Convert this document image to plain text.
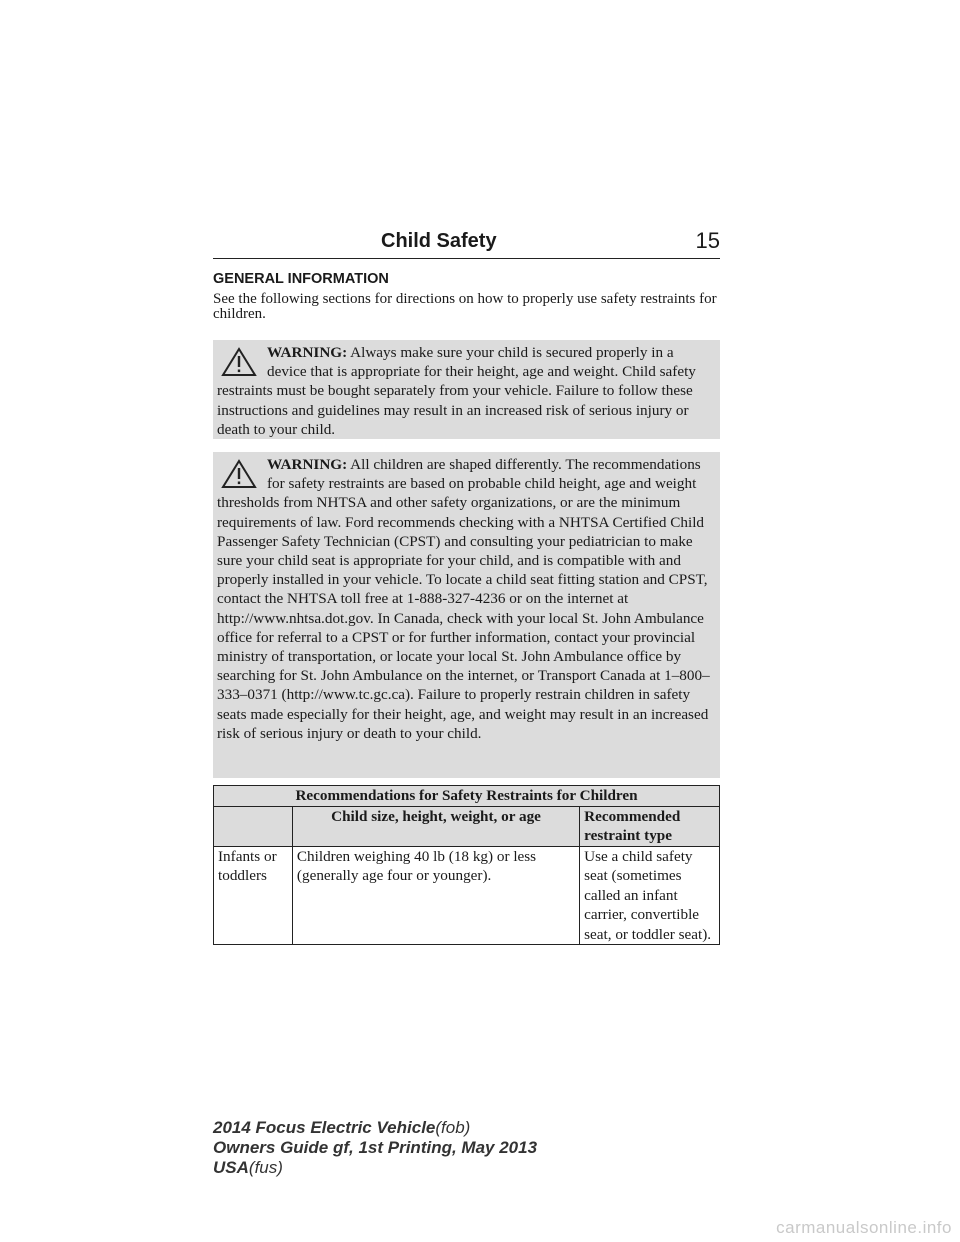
Child Safety	15
GENERAL INFORMATION
See the following sections for directions on how to properly use safety restraints for children.
WARNING: Always make sure your child is secured properly in a device that is appropriate for their height, age and weight. Child safety restraints must be bought separately from your vehicle. Failure to follow these instructions and guidelines may result in an increased risk of serious injury or death to your child.
WARNING: All children are shaped differently. The recommendations for safety restraints are based on probable child height, age and weight thresholds from NHTSA and other safety organizations, or are the minimum requirements of law. Ford recommends checking with a NHTSA Certified Child Passenger Safety Technician (CPST) and consulting your pediatrician to make sure your child seat is appropriate for your child, and is compatible with and properly installed in your vehicle. To locate a child seat fitting station and CPST, contact the NHTSA toll free at 1-888-327-4236 or on the internet at http://www.nhtsa.dot.gov. In Canada, check with your local St. John Ambulance office for referral to a CPST or for further information, contact your provincial ministry of transportation, or locate your local St. John Ambulance office by searching for St. John Ambulance on the internet, or Transport Canada at 1–800–333–0371 (http://www.tc.gc.ca). Failure to properly restrain children in safety seats made especially for their height, age, and weight may result in an increased risk of serious injury or death to your child.
Recommendations for Safety Restraints for Children		
	Child size, height, weight, or age	Recommended restraint type
Infants or toddlers	Children weighing 40 lb (18 kg) or less (generally age four or younger).	Use a child safety seat (sometimes called an infant carrier, convertible seat, or toddler seat).
2014 Focus Electric Vehicle(fob)
Owners Guide gf, 1st Printing, May 2013
USA(fus)
carmanualsonline.info
